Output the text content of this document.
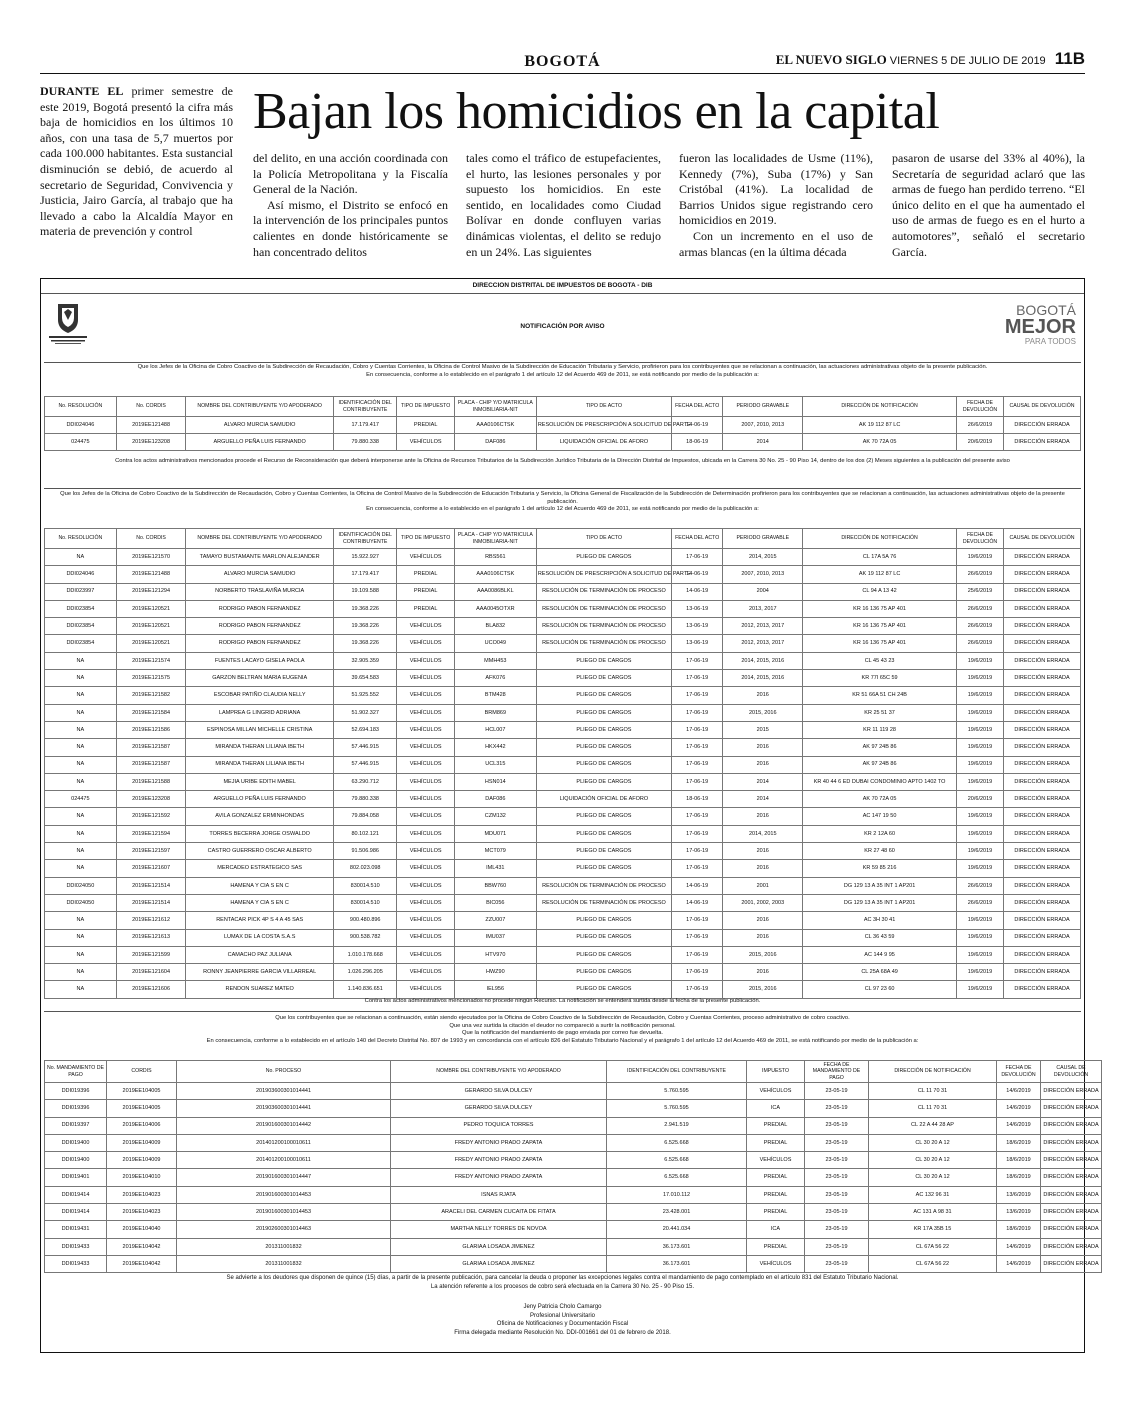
BOGOTÁ	EL NUEVO SIGLO VIERNES 5 DE JULIO DE 2019 11B

DURANTE EL primer semestre de este 2019, Bogotá presentó la cifra más baja de homicidios en los últimos 10 años, con una tasa de 5,7 muertos por cada 100.000 habitantes. Esta sustancial disminución se debió, de acuerdo al secretario de Seguridad, Convivencia y Justicia, Jairo García, al trabajo que ha llevado a cabo la Alcaldía Mayor en materia de prevención y control

Bajan los homicidios en la capital

del delito, en una acción coordinada con la Policía Metropolitana y la Fiscalía General de la Nación.

Así mismo, el Distrito se enfocó en la intervención de los principales puntos calientes en donde históricamente se han concentrado delitos

tales como el tráfico de estupefacientes, el hurto, las lesiones personales y por supuesto los homicidios. En este sentido, en localidades como Ciudad Bolívar en donde confluyen varias dinámicas violentas, el delito se redujo en un 24%. Las siguientes

fueron las localidades de Usme (11%), Kennedy (7%), Suba (17%) y San Cristóbal (41%). La localidad de Barrios Unidos sigue registrando cero homicidios en 2019.

Con un incremento en el uso de armas blancas (en la última década

pasaron de usarse del 33% al 40%), la Secretaría de seguridad aclaró que las armas de fuego han perdido terreno. “El único delito en el que ha aumentado el uso de armas de fuego es en el hurto a automotores”, señaló el secretario García.

DIRECCION DISTRITAL DE IMPUESTOS DE BOGOTA - DIB
BOGOTÁ
MEJOR
PARA TODOS
NOTIFICACIÓN POR AVISO
Que los Jefes de la Oficina de Cobro Coactivo de la Subdirección de Recaudación, Cobro y Cuentas Corrientes, la Oficina de Control Masivo de la Subdirección de Educación Tributaria y Servicio, profirieron para los contribuyentes que se relacionan a continuación, las actuaciones administrativas objeto de la presente publicación.
En consecuencia, conforme a lo establecido en el parágrafo 1 del artículo 12 del Acuerdo 469 de 2011, se está notificando por medio de la publicación a:
No. RESOLUCIÓN	No. CORDIS	NOMBRE DEL CONTRIBUYENTE Y/O APODERADO	IDENTIFICACIÓN DEL CONTRIBUYENTE	TIPO DE IMPUESTO	PLACA - CHIP Y/O MATRICULA INMOBILIARIA-NIT	TIPO DE ACTO	FECHA DEL ACTO	PERIODO GRAVABLE	DIRECCIÓN DE NOTIFICACIÓN	FECHA DE DEVOLUCIÓN	CAUSAL DE DEVOLUCIÓN
DDI024046	2019EE121488	ALVARO MURCIA SAMUDIO	17.179.417	PREDIAL	AAA0106CTSK	RESOLUCIÓN DE PRESCRIPCIÓN A SOLICITUD DE PARTE	14-06-19	2007, 2010, 2013	AK 19 112 87 LC	26/6/2019	DIRECCIÓN ERRADA
024475	2019EE123208	ARGUELLO PEÑA LUIS FERNANDO	79.880.338	VEHÍCULOS	DAF086	LIQUIDACIÓN OFICIAL DE AFORO	18-06-19	2014	AK 70 72A 05	20/6/2019	DIRECCIÓN ERRADA
Contra los actos administrativos mencionados procede el Recurso de Reconsideración que deberá interponerse ante la Oficina de Recursos Tributarios de la Subdirección Jurídico Tributaria de la Dirección Distrital de Impuestos, ubicada en la Carrera 30 No. 25 - 90 Piso 14, dentro de los dos (2) Meses siguientes a la publicación del presente aviso
Que los Jefes de la Oficina de Cobro Coactivo de la Subdirección de Recaudación, Cobro y Cuentas Corrientes, la Oficina de Control Masivo de la Subdirección de Educación Tributaria y Servicio, la Oficina General de Fiscalización de la Subdirección de Determinación profirieron para los contribuyentes que se relacionan a continuación, las actuaciones administrativas objeto de la presente publicación.
En consecuencia, conforme a lo establecido en el parágrafo 1 del artículo 12 del Acuerdo 469 de 2011, se está notificando por medio de la publicación a:
No. RESOLUCIÓN	No. CORDIS	NOMBRE DEL CONTRIBUYENTE Y/O APODERADO	IDENTIFICACIÓN DEL CONTRIBUYENTE	TIPO DE IMPUESTO	PLACA - CHIP Y/O MATRICULA INMOBILIARIA-NIT	TIPO DE ACTO	FECHA DEL ACTO	PERIODO GRAVABLE	DIRECCIÓN DE NOTIFICACIÓN	FECHA DE DEVOLUCIÓN	CAUSAL DE DEVOLUCIÓN
NA	2019EE121570	TAMAYO BUSTAMANTE MARLON ALEJANDER	15.922.927	VEHÍCULOS	RBS561	PLIEGO DE CARGOS	17-06-19	2014, 2015	CL 17A 5A 76	19/6/2019	DIRECCIÓN ERRADA
DDI024046	2019EE121488	ALVARO MURCIA SAMUDIO	17.179.417	PREDIAL	AAA0106CTSK	RESOLUCIÓN DE PRESCRIPCIÓN A SOLICITUD DE PARTE	14-06-19	2007, 2010, 2013	AK 19 112 87 LC	26/6/2019	DIRECCIÓN ERRADA
DDI023997	2019EE121294	NORBERTO TRASLAVIÑA MURCIA	19.109.588	PREDIAL	AAA0086BLKL	RESOLUCIÓN DE TERMINACIÓN DE PROCESO	14-06-19	2004	CL 94 A 13 42	25/6/2019	DIRECCIÓN ERRADA
DDI023854	2019EE120521	RODRIGO PABON FERNANDEZ	19.368.226	PREDIAL	AAA0045OTXR	RESOLUCIÓN DE TERMINACIÓN DE PROCESO	13-06-19	2013, 2017	KR 16 136 75 AP 401	26/6/2019	DIRECCIÓN ERRADA
DDI023854	2019EE120521	RODRIGO PABON FERNANDEZ	19.368.226	VEHÍCULOS	BLA832	RESOLUCIÓN DE TERMINACIÓN DE PROCESO	13-06-19	2012, 2013, 2017	KR 16 136 75 AP 401	26/6/2019	DIRECCIÓN ERRADA
DDI023854	2019EE120521	RODRIGO PABON FERNANDEZ	19.368.226	VEHÍCULOS	UCO049	RESOLUCIÓN DE TERMINACIÓN DE PROCESO	13-06-19	2012, 2013, 2017	KR 16 136 75 AP 401	26/6/2019	DIRECCIÓN ERRADA
NA	2019EE121574	FUENTES LACAYO GISELA PAOLA	32.905.359	VEHÍCULOS	MMH453	PLIEGO DE CARGOS	17-06-19	2014, 2015, 2016	CL 45 43 23	19/6/2019	DIRECCIÓN ERRADA
NA	2019EE121575	GARZON BELTRAN MARIA EUGENIA	39.654.583	VEHÍCULOS	AFK076	PLIEGO DE CARGOS	17-06-19	2014, 2015, 2016	KR 77I 65C 59	19/6/2019	DIRECCIÓN ERRADA
NA	2019EE121582	ESCOBAR PATIÑO CLAUDIA NELLY	51.925.552	VEHÍCULOS	BTM428	PLIEGO DE CARGOS	17-06-19	2016	KR 51 66A 51 CH 24B	19/6/2019	DIRECCIÓN ERRADA
NA	2019EE121584	LAMPREA G LINGRID ADRIANA	51.902.327	VEHÍCULOS	BRM869	PLIEGO DE CARGOS	17-06-19	2015, 2016	KR 25 51 37	19/6/2019	DIRECCIÓN ERRADA
NA	2019EE121586	ESPINOSA MILLAN MICHELLE CRISTINA	52.694.183	VEHÍCULOS	HCL007	PLIEGO DE CARGOS	17-06-19	2015	KR 11 119 28	19/6/2019	DIRECCIÓN ERRADA
NA	2019EE121587	MIRANDA THERAN LILIANA IBETH	57.446.915	VEHÍCULOS	HKX442	PLIEGO DE CARGOS	17-06-19	2016	AK 97 24B 86	19/6/2019	DIRECCIÓN ERRADA
NA	2019EE121587	MIRANDA THERAN LILIANA IBETH	57.446.915	VEHÍCULOS	UCL315	PLIEGO DE CARGOS	17-06-19	2016	AK 97 24B 86	19/6/2019	DIRECCIÓN ERRADA
NA	2019EE121588	MEJIA URIBE EDITH MABEL	63.290.712	VEHÍCULOS	HSN014	PLIEGO DE CARGOS	17-06-19	2014	KR 40 44 6 ED DUBAI CONDOMINIO APTO 1402 TO	19/6/2019	DIRECCIÓN ERRADA
024475	2019EE123208	ARGUELLO PEÑA LUIS FERNANDO	79.880.338	VEHÍCULOS	DAF086	LIQUIDACIÓN OFICIAL DE AFORO	18-06-19	2014	AK 70 72A 05	20/6/2019	DIRECCIÓN ERRADA
NA	2019EE121592	AVILA GONZALEZ ERMINHONDAS	79.884.058	VEHÍCULOS	CZM132	PLIEGO DE CARGOS	17-06-19	2016	AC 147 19 50	19/6/2019	DIRECCIÓN ERRADA
NA	2019EE121594	TORRES BECERRA JORGE OSWALDO	80.102.121	VEHÍCULOS	MDU071	PLIEGO DE CARGOS	17-06-19	2014, 2015	KR 2 12A 60	19/6/2019	DIRECCIÓN ERRADA
NA	2019EE121597	CASTRO GUERRERO OSCAR ALBERTO	91.506.986	VEHÍCULOS	MCT079	PLIEGO DE CARGOS	17-06-19	2016	KR 27 48 60	19/6/2019	DIRECCIÓN ERRADA
NA	2019EE121607	MERCADEO ESTRATEGICO SAS	802.023.098	VEHÍCULOS	IML431	PLIEGO DE CARGOS	17-06-19	2016	KR 59 85 216	19/6/2019	DIRECCIÓN ERRADA
DDI024050	2019EE121514	HAMENA Y CIA S EN C	830014.510	VEHÍCULOS	BBW760	RESOLUCIÓN DE TERMINACIÓN DE PROCESO	14-06-19	2001	DG 129 13 A 35 INT 1 AP201	26/6/2019	DIRECCIÓN ERRADA
DDI024050	2019EE121514	HAMENA Y CIA S EN C	830014.510	VEHÍCULOS	BIC056	RESOLUCIÓN DE TERMINACIÓN DE PROCESO	14-06-19	2001, 2002, 2003	DG 129 13 A 35 INT 1 AP201	26/6/2019	DIRECCIÓN ERRADA
NA	2019EE121612	RENTACAR PICK 4P S 4 A 45 SAS	900.480.896	VEHÍCULOS	ZZU007	PLIEGO DE CARGOS	17-06-19	2016	AC 3H 30 41	19/6/2019	DIRECCIÓN ERRADA
NA	2019EE121613	LUMAX DE LA COSTA S.A.S	900.538.782	VEHÍCULOS	IMU037	PLIEGO DE CARGOS	17-06-19	2016	CL 36 43 59	19/6/2019	DIRECCIÓN ERRADA
NA	2019EE121599	CAMACHO PAZ JULIANA	1.010.178.668	VEHÍCULOS	HTV970	PLIEGO DE CARGOS	17-06-19	2015, 2016	AC 144 9 95	19/6/2019	DIRECCIÓN ERRADA
NA	2019EE121604	RONNY JEANPIERRE GARCIA VILLARREAL	1.026.296.205	VEHÍCULOS	HWZ90	PLIEGO DE CARGOS	17-06-19	2016	CL 25A 68A 49	19/6/2019	DIRECCIÓN ERRADA
NA	2019EE121606	RENDON SUAREZ MATEO	1.140.836.651	VEHÍCULOS	IEL956	PLIEGO DE CARGOS	17-06-19	2015, 2016	CL 97 23 60	19/6/2019	DIRECCIÓN ERRADA
Contra los actos administrativos mencionados no procede ningún Recurso. La notificación se entenderá surtida desde la fecha de la presente publicación.
Que los contribuyentes que se relacionan a continuación, están siendo ejecutados por la Oficina de Cobro Coactivo de la Subdirección de Recaudación, Cobro y Cuentas Corrientes, proceso administrativo de cobro coactivo.
Que una vez surtida la citación el deudor no compareció a surtir la notificación personal.
Que la notificación del mandamiento de pago enviada por correo fue devuelta.
En consecuencia, conforme a lo establecido en el artículo 140 del Decreto Distrital No. 807 de 1993 y en concordancia con el artículo 826 del Estatuto Tributario Nacional y el parágrafo 1 del artículo 12 del Acuerdo 469 de 2011, se está notificando por medio de la publicación a:
No. MANDAMIENTO DE PAGO	CORDIS	No. PROCESO	NOMBRE DEL CONTRIBUYENTE Y/O APODERADO	IDENTIFICACIÓN DEL CONTRIBUYENTE	IMPUESTO	FECHA DE MANDAMIENTO DE PAGO	DIRECCIÓN DE NOTIFICACIÓN	FECHA DE DEVOLUCIÓN	CAUSAL DE DEVOLUCIÓN
DDI019396	2019EE104005	201903600301014441	GERARDO SILVA DULCEY	5.760.595	VEHÍCULOS	23-05-19	CL 11 70 31	14/6/2019	DIRECCIÓN ERRADA
DDI019396	2019EE104005	201903600301014441	GERARDO SILVA DULCEY	5.760.595	ICA	23-05-19	CL 11 70 31	14/6/2019	DIRECCIÓN ERRADA
DDI019397	2019EE104006	201901600301014442	PEDRO TOQUICA TORRES	2.941.519	PREDIAL	23-05-19	CL 22 A 44 28 AP	14/6/2019	DIRECCIÓN ERRADA
DDI019400	2019EE104009	201401200100010611	FREDY ANTONIO PRADO ZAPATA	6.525.668	PREDIAL	23-05-19	CL 30 20 A 12	18/6/2019	DIRECCIÓN ERRADA
DDI019400	2019EE104009	201401200100010611	FREDY ANTONIO PRADO ZAPATA	6.525.668	VEHÍCULOS	23-05-19	CL 30 20 A 12	18/6/2019	DIRECCIÓN ERRADA
DDI019401	2019EE104010	201901600301014447	FREDY ANTONIO PRADO ZAPATA	6.525.668	PREDIAL	23-05-19	CL 30 20 A 12	18/6/2019	DIRECCIÓN ERRADA
DDI019414	2019EE104023	201901600301014453	ISNAS RJATA	17.010.112	PREDIAL	23-05-19	AC 132 96 31	13/6/2019	DIRECCIÓN ERRADA
DDI019414	2019EE104023	201901600301014453	ARACELI DEL CARMEN CUCAITA DE FITATA	23.428.001	PREDIAL	23-05-19	AC 131 A 98 31	13/6/2019	DIRECCIÓN ERRADA
DDI019431	2019EE104040	201902600301014463	MARTHA NELLY TORRES DE NOVOA	20.441.034	ICA	23-05-19	KR 17A 35B 15	18/6/2019	DIRECCIÓN ERRADA
DDI019433	2019EE104042	201311001832	GLARIAA LOSADA JIMENEZ	36.173.601	PREDIAL	23-05-19	CL 67A 56 22	14/6/2019	DIRECCIÓN ERRADA
DDI019433	2019EE104042	201311001832	GLARIAA LOSADA JIMENEZ	36.173.601	VEHÍCULOS	23-05-19	CL 67A 56 22	14/6/2019	DIRECCIÓN ERRADA
Se advierte a los deudores que disponen de quince (15) días, a partir de la presente publicación, para cancelar la deuda o proponer las excepciones legales contra el mandamiento de pago contemplado en el artículo 831 del Estatuto Tributario Nacional.
La atención referente a los procesos de cobro será efectuada en la Carrera 30 No. 25 - 90 Piso 15.
Jeny Patricia Cholo Camargo
Profesional Universitario
Oficina de Notificaciones y Documentación Fiscal
Firma delegada mediante Resolución No. DDI-001661 del 01 de febrero de 2018.
